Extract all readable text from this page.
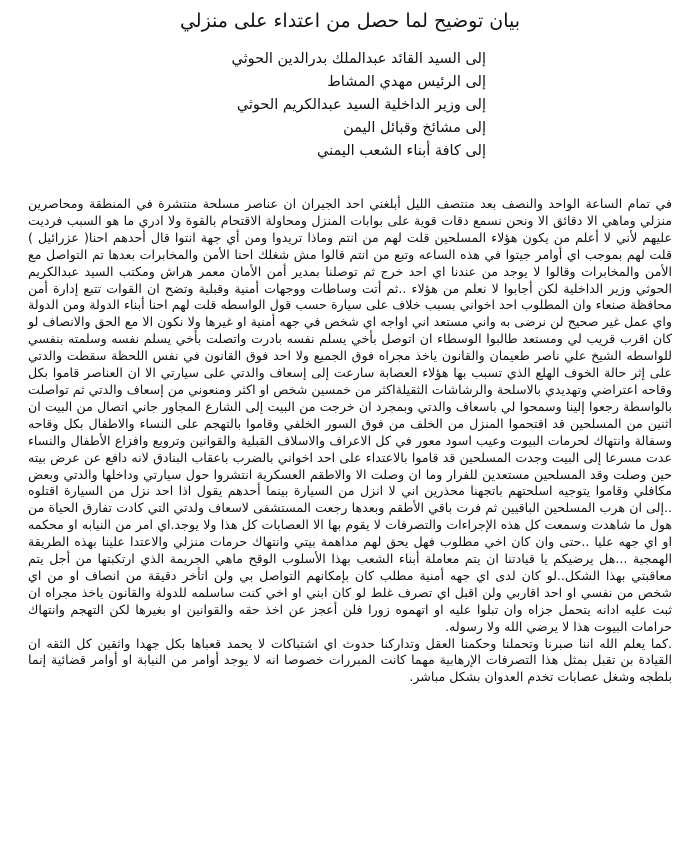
بيان توضيح لما حصل من اعتداء على منزلي
إلى السيد القائد عبدالملك بدرالدين الحوثي
إلى الرئيس مهدي المشاط
إلى وزير الداخلية السيد عبدالكريم الحوثي
إلى مشائخ وقبائل اليمن
إلى كافة أبناء الشعب اليمني

في تمام الساعة الواحد والنصف بعد منتصف الليل أبلغني احد الجيران ان عناصر مسلحة منتشرة في المنطقة ومحاصرين منزلي وماهي الا دقائق الا ونحن نسمع دقات قوية على بوابات المنزل ومحاولة الاقتحام بالقوة ولا ادري ما هو السبب فرديت عليهم لأني لا أعلم من يكون هؤلاء المسلحين قلت لهم من انتم وماذا تريدوا ومن أي جهة انتوا قال أحدهم احنا( عزرائيل ) قلت لهم بموجب اي أوامر جيتوا في هذه الساعه وتبع من انتم قالوا مش شغلك احنا الأمن والمخابرات بعدها تم التواصل مع الأمن والمخابرات وقالوا لا يوجد من عندنا اي احد خرج ثم توصلنا بمدير أمن الأمان معمر هراش ومكتب السيد عبدالكريم الحوثي وزير الداخلية لكن أجابوا لا نعلم من هؤلاء ..ثم أتت وساطات ووجهات أمنية وقبلية وتضح ان القوات تتبع إدارة أمن محافظة صنعاء وان المطلوب احد اخواني بسبب خلاف على سيارة حسب قول الواسطه قلت لهم احنا أبناء الدولة ومن الدولة واي عمل غير صحيح لن نرضى به واني مستعد اني اواجه اي شخص في جهه أمنية او غيرها ولا نكون الا مع الحق والانصاف لو كان اقرب قريب لي ومستعد طالبوا الوسطاء ان اتوصل بأخي يسلم نفسه بادرت واتصلت بأخي يسلم نفسه وسلمته بنفسي للواسطه الشيخ علي ناصر طعيمان والقانون ياخذ مجراه فوق الجميع ولا احد فوق القانون في نفس اللحظة سقطت والدتي على إثر حالة الخوف الهلع الذي تسبب بها هؤلاء العصابة سارعت إلى إسعاف والدتي على سيارتي الا ان العناصر قاموا بكل وقاحه اعتراضي وتهديدي بالاسلحة والرشاشات الثقيلةاكثر من خمسين شخص او اكثر ومنعوني من إسعاف والدتي ثم تواصلت بالواسطة رجعوا إلينا وسمحوا لي باسعاف والدتي وبمجرد ان خرجت من البيت إلى الشارع المجاور جاني اتصال من البيت ان اثنين من المسلحين قد اقتحموا المنزل من الخلف من فوق السور الخلفي وقاموا بالتهجم على النساء والاطفال بكل وقاحه وسفالة وانتهاك لحرمات البيوت وعيب اسود معور في كل الاعراف والاسلاف القبلية والقوانين وترويع وافزاع الأطفال والنساء عدت مسرعا إلى البيت وجدت المسلحين قد قاموا بالاعتداء على احد اخواني بالضرب باعقاب البنادق لانه دافع عن عرض بيته حين وصلت وقد المسلحين مستعدين للفرار وما ان وصلت الا والاطقم العسكرية انتشروا حول سيارتي وداخلها والدتي وبعض مكافلي وقاموا يتوجيه اسلحتهم باتجهنا محذرين اني لا انزل من السيارة بينما أحدهم يقول اذا احد نزل من السيارة اقتلوه ..إلى ان هرب المسلحين الباقيين ثم فرت باقي الأطقم وبعدها رجعت المستشفى لاسعاف ولدتي التي كادت تفارق الحياة من هول ما شاهدت وسمعت كل هذه الإجراءات والتصرفات لا يقوم بها الا العصابات كل هذا ولا يوجد.اي امر من النيابه او محكمه او اي جهه عليا ..حتى وان كان اخي مطلوب فهل يحق لهم مداهمة بيتي وانتهاك حرمات منزلي والاعتدا علينا بهذه الطريقة الهمجية ...هل يرضيكم يا قيادتنا ان يتم معاملة أبناء الشعب بهذا الأسلوب الوقح ماهي الجريمة الذي ارتكبتها من أجل يتم معاقبتي بهذا الشكل..لو كان لدى اي جهه أمنية مطلب كان بإمكانهم التواصل بي ولن اتأخر دقيقة من انصاف او من اي شخص من نفسي او احد اقاربي ولن اقبل اي تصرف غلط لو كان ابني او اخي كنت ساسلمه للدولة والقانون ياخذ مجراه ان ثبت عليه ادانه يتحمل جزاه وان تبلوا عليه او اتهموه زورا فلن أعجز عن اخذ حقه والقوانين او بغيرها لكن التهجم وانتهاك حرامات البيوت هذا لا يرضي الله ولا رسوله.

.كما يعلم الله اننا صبرنا وتحملنا وحكمنا العقل وتداركنا حدوث اي اشتباكات لا يحمد قعباها بكل جهدا واثقين كل الثقه ان القيادة بن تقبل بمثل هذا التصرفات الإرهابية مهما كانت المبررات خصوصا انه لا يوجد أوامر من النيابة او أوامر قضائية إنما بلطجه وشغل عصابات تخدم العدوان بشكل مباشر.
